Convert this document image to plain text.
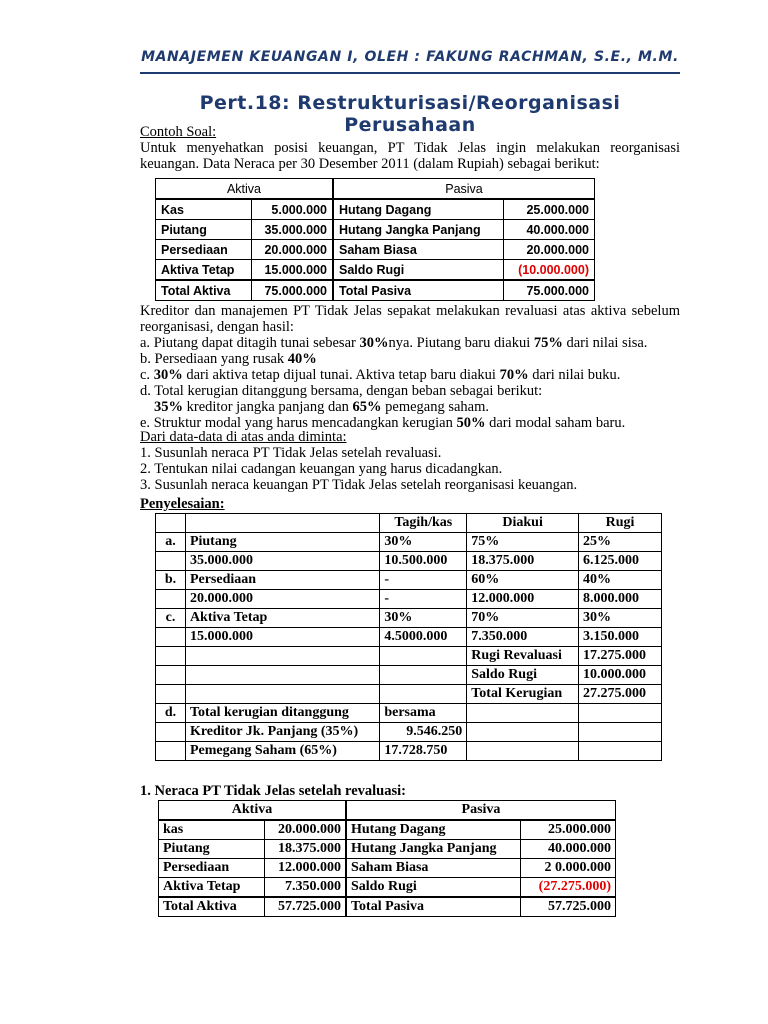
MANAJEMEN KEUANGAN I, OLEH : FAKUNG RACHMAN, S.E., M.M.
Pert.18: Restrukturisasi/Reorganisasi Perusahaan
Contoh Soal:
Untuk menyehatkan posisi keuangan, PT Tidak Jelas ingin melakukan reorganisasi keuangan. Data Neraca per 30 Desember 2011 (dalam Rupiah) sebagai berikut:
Aktiva		Pasiva	
Kas	5.000.000	Hutang Dagang	25.000.000
Piutang	35.000.000	Hutang Jangka Panjang	40.000.000
Persediaan	20.000.000	Saham Biasa	20.000.000
Aktiva Tetap	15.000.000	Saldo Rugi	(10.000.000)
Total Aktiva	75.000.000	Total Pasiva	75.000.000
Kreditor dan manajemen PT Tidak Jelas sepakat melakukan revaluasi atas aktiva sebelum reorganisasi, dengan hasil:
a. Piutang dapat ditagih tunai sebesar 30%nya. Piutang baru diakui 75% dari nilai sisa.
b. Persediaan yang rusak 40%
c. 30% dari aktiva tetap dijual tunai. Aktiva tetap baru diakui 70% dari nilai buku.
d. Total kerugian ditanggung bersama, dengan beban sebagai berikut:
35% kreditor jangka panjang dan 65% pemegang saham.
e. Struktur modal yang harus mencadangkan kerugian 50% dari modal saham baru.
Dari data-data di atas anda diminta:
1. Susunlah neraca PT Tidak Jelas setelah revaluasi.
2. Tentukan nilai cadangan keuangan yang harus dicadangkan.
3. Susunlah neraca keuangan PT Tidak Jelas setelah reorganisasi keuangan.
Penyelesaian:
		Tagih/kas	Diakui	Rugi
a.	Piutang	30%	75%	25%
	35.000.000	10.500.000	18.375.000	6.125.000
b.	Persediaan	-	60%	40%
	20.000.000	-	12.000.000	8.000.000
c.	Aktiva Tetap	30%	70%	30%
	15.000.000	4.5000.000	7.350.000	3.150.000
			Rugi Revaluasi	17.275.000
			Saldo Rugi	10.000.000
			Total Kerugian	27.275.000
d.	Total kerugian ditanggung	bersama		
	Kreditor Jk. Panjang (35%)	9.546.250		
	Pemegang Saham (65%)	17.728.750		
1. Neraca PT Tidak Jelas setelah revaluasi:
Aktiva		Pasiva	
kas	20.000.000	Hutang Dagang	25.000.000
Piutang	18.375.000	Hutang Jangka Panjang	40.000.000
Persediaan	12.000.000	Saham Biasa	2 0.000.000
Aktiva Tetap	7.350.000	Saldo Rugi	(27.275.000)
Total Aktiva	57.725.000	Total Pasiva	57.725.000
